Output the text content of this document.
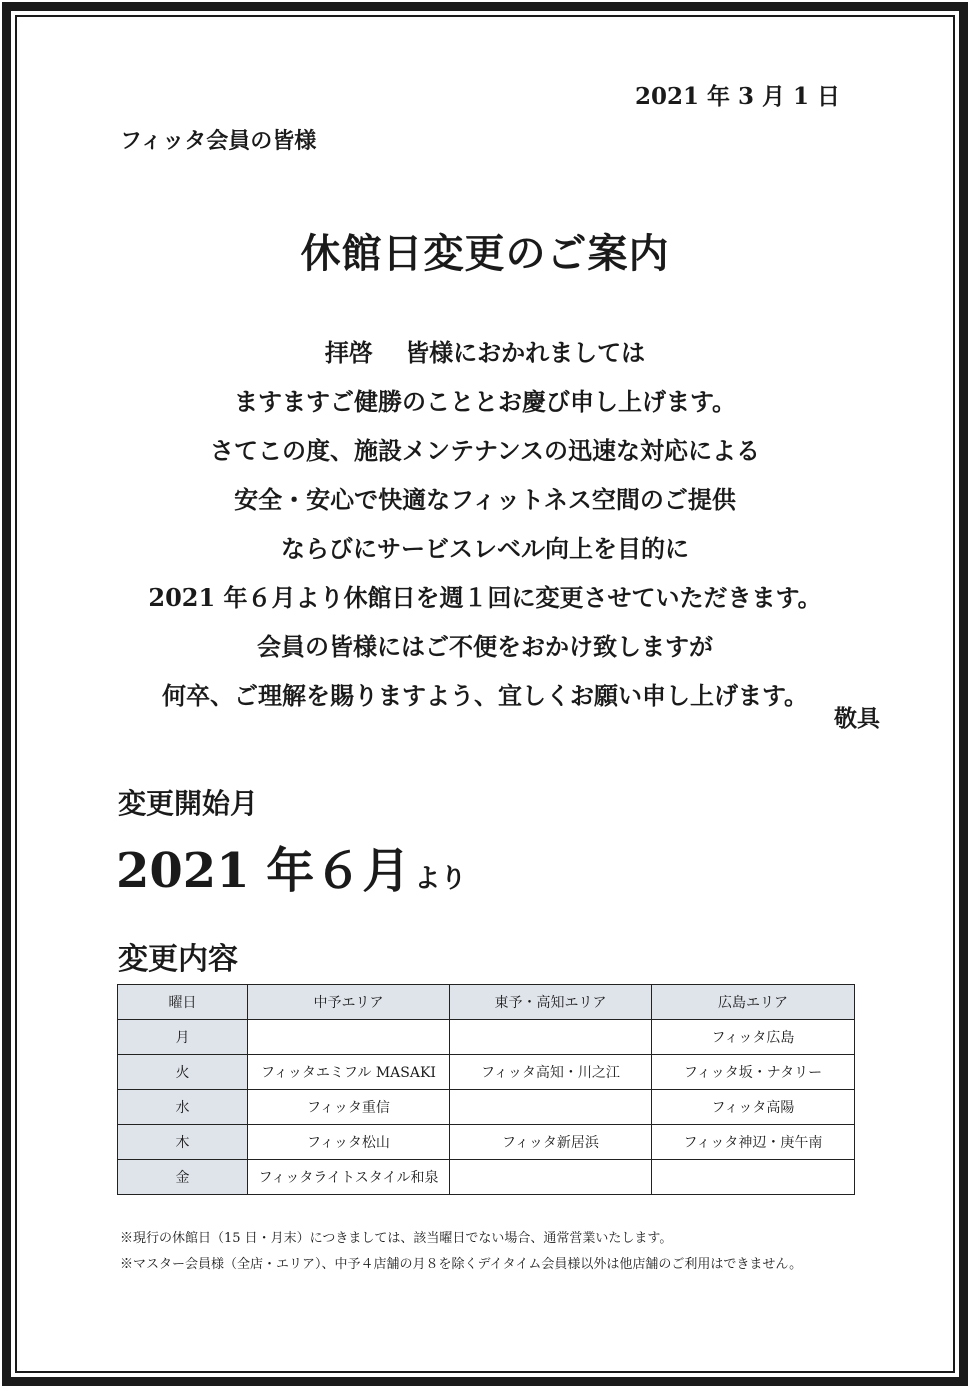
2021 年 3 月 1 日
フィッタ会員の皆様
休館日変更のご案内
拝啓　 皆様におかれましては
ますますご健勝のこととお慶び申し上げます。
さてこの度、施設メンテナンスの迅速な対応による
安全・安心で快適なフィットネス空間のご提供
ならびにサービスレベル向上を目的に
2021 年６月より休館日を週１回に変更させていただきます。
会員の皆様にはご不便をおかけ致しますが
何卒、ご理解を賜りますよう、宜しくお願い申し上げます。
敬具
変更開始月
2021 年６月 より
変更内容
曜日	中予エリア	東予・高知エリア	広島エリア
月			フィッタ広島
火	フィッタエミフル MASAKI	フィッタ高知・川之江	フィッタ坂・ナタリー
水	フィッタ重信		フィッタ高陽
木	フィッタ松山	フィッタ新居浜	フィッタ神辺・庚午南
金	フィッタライトスタイル和泉		
※現行の休館日（15 日・月末）につきましては、該当曜日でない場合、通常営業いたします。
※マスター会員様（全店・エリア）、中予４店舗の月８を除くデイタイム会員様以外は他店舗のご利用はできません。
